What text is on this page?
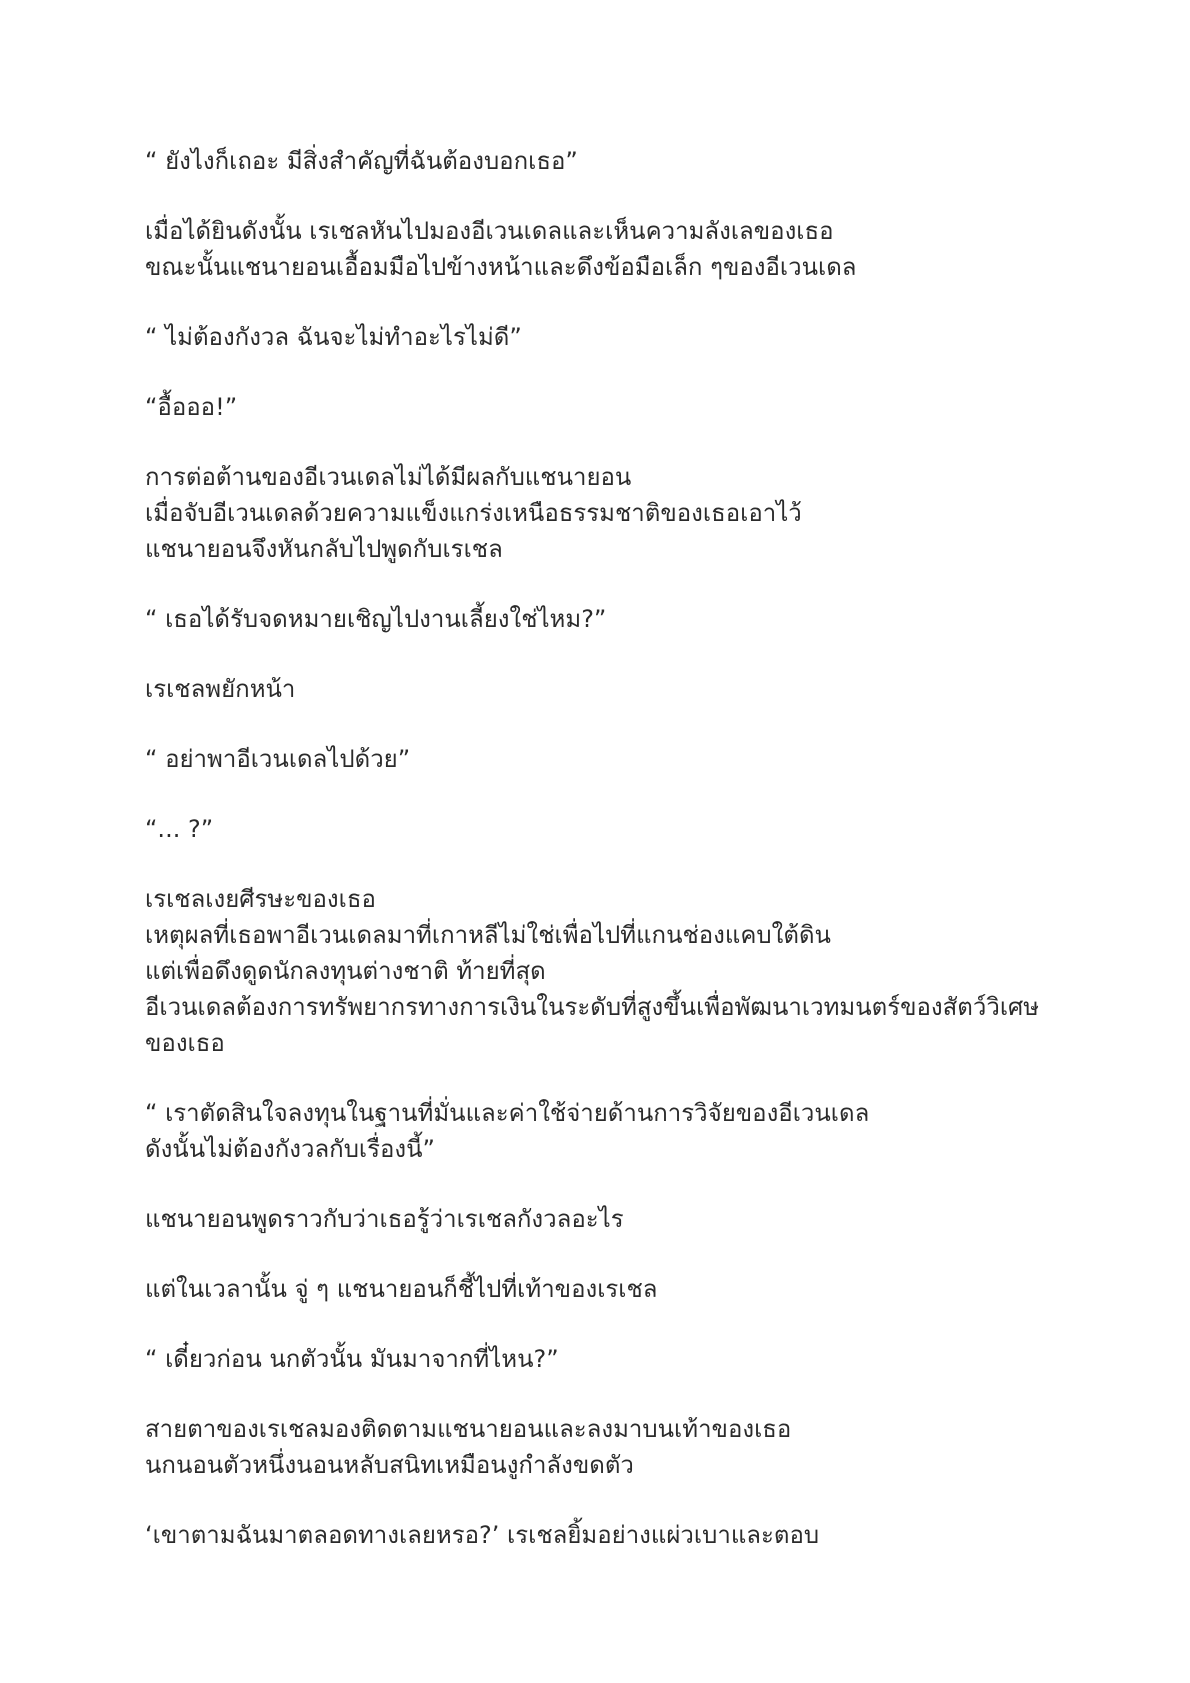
“ ยังไงก็เถอะ มีสิ่งสำคัญที่ฉันต้องบอกเธอ”

เมื่อได้ยินดังนั้น เรเชลหันไปมองอีเวนเดลและเห็นความลังเลของเธอ
ขณะนั้นแชนายอนเอื้อมมือไปข้างหน้าและดึงข้อมือเล็ก ๆของอีเวนเดล

“ ไม่ต้องกังวล ฉันจะไม่ทำอะไรไม่ดี”

“อื้อออ!”

การต่อต้านของอีเวนเดลไม่ได้มีผลกับแชนายอน
เมื่อจับอีเวนเดลด้วยความแข็งแกร่งเหนือธรรมชาติของเธอเอาไว้
แชนายอนจึงหันกลับไปพูดกับเรเชล

“ เธอได้รับจดหมายเชิญไปงานเลี้ยงใช่ไหม?”

เรเชลพยักหน้า

“ อย่าพาอีเวนเดลไปด้วย”

“... ?”

เรเชลเงยศีรษะของเธอ
เหตุผลที่เธอพาอีเวนเดลมาที่เกาหลีไม่ใช่เพื่อไปที่แกนช่องแคบใต้ดิน
แต่เพื่อดึงดูดนักลงทุนต่างชาติ ท้ายที่สุด
อีเวนเดลต้องการทรัพยากรทางการเงินในระดับที่สูงขึ้นเพื่อพัฒนาเวทมนตร์ของสัตว์วิเศษ
ของเธอ

“ เราตัดสินใจลงทุนในฐานที่มั่นและค่าใช้จ่ายด้านการวิจัยของอีเวนเดล
ดังนั้นไม่ต้องกังวลกับเรื่องนี้”

แชนายอนพูดราวกับว่าเธอรู้ว่าเรเชลกังวลอะไร

แต่ในเวลานั้น จู่ ๆ แชนายอนก็ชี้ไปที่เท้าของเรเชล

“ เดี๋ยวก่อน นกตัวนั้น มันมาจากที่ไหน?”

สายตาของเรเชลมองติดตามแชนายอนและลงมาบนเท้าของเธอ
นกนอนตัวหนึ่งนอนหลับสนิทเหมือนงูกำลังขดตัว

‘เขาตามฉันมาตลอดทางเลยหรอ?’ เรเชลยิ้มอย่างแผ่วเบาและตอบ
